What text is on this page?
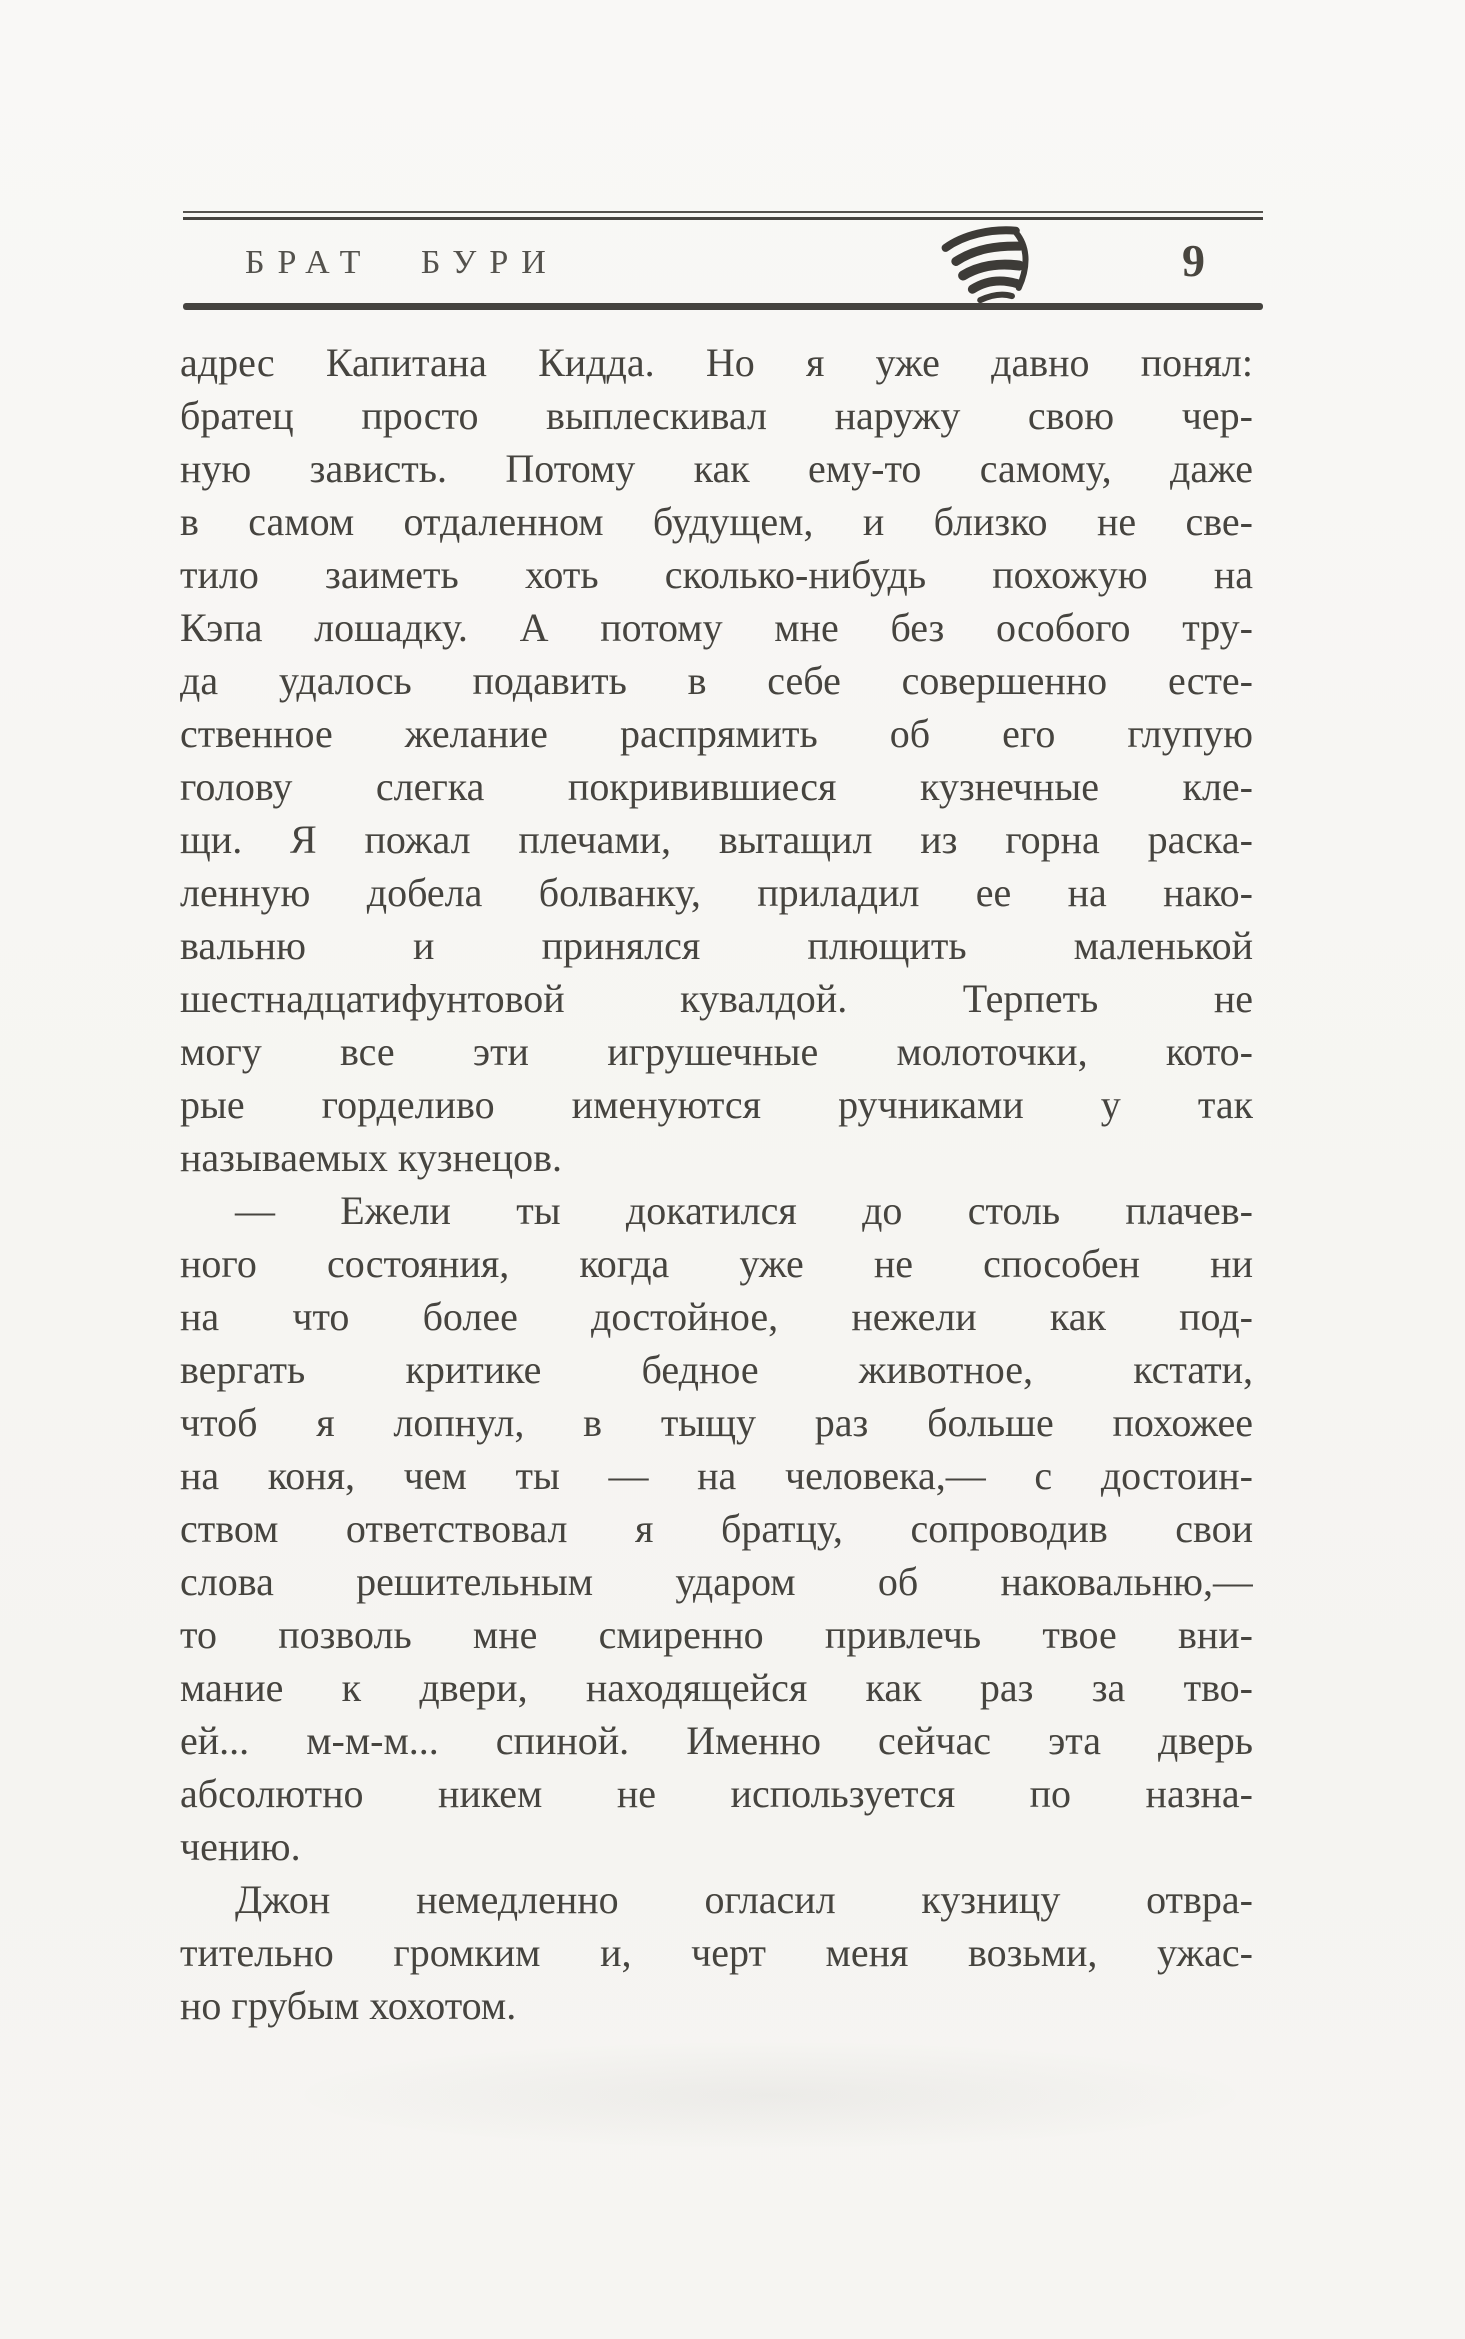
БРАТ БУРИ	9
адрес Капитана Кидда. Но я уже давно понял:
братец просто выплескивал наружу свою чер-
ную зависть. Потому как ему-то самому, даже
в самом отдаленном будущем, и близко не све-
тило заиметь хоть сколько-нибудь похожую на
Кэпа лошадку. А потому мне без особого тру-
да удалось подавить в себе совершенно есте-
ственное желание распрямить об его глупую
голову слегка покривившиеся кузнечные кле-
щи. Я пожал плечами, вытащил из горна раска-
ленную добела болванку, приладил ее на нако-
вальню и принялся плющить маленькой
шестнадцатифунтовой кувалдой. Терпеть не
могу все эти игрушечные молоточки, кото-
рые горделиво именуются ручниками у так
называемых кузнецов.
— Ежели ты докатился до столь плачев-
ного состояния, когда уже не способен ни
на что более достойное, нежели как под-
вергать критике бедное животное, кстати,
чтоб я лопнул, в тыщу раз больше похожее
на коня, чем ты — на человека,— с достоин-
ством ответствовал я братцу, сопроводив свои
слова решительным ударом об наковальню,—
то позволь мне смиренно привлечь твое вни-
мание к двери, находящейся как раз за тво-
ей... м-м-м... спиной. Именно сейчас эта дверь
абсолютно никем не используется по назна-
чению.
Джон немедленно огласил кузницу отвра-
тительно громким и, черт меня возьми, ужас-
но грубым хохотом.
